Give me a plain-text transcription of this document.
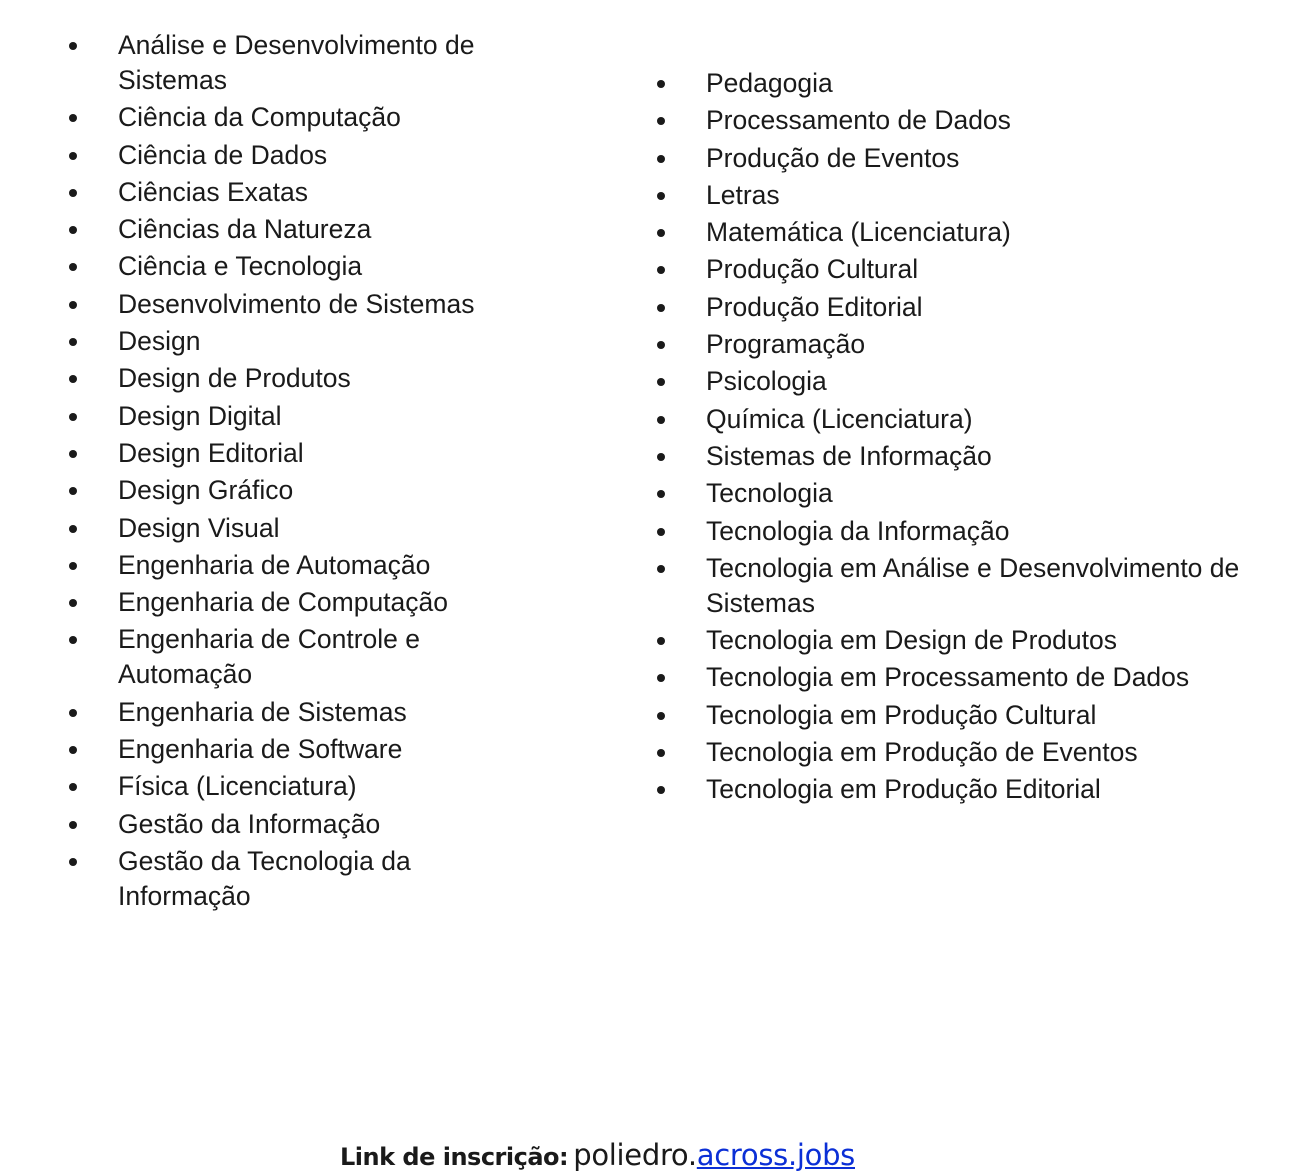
Análise e Desenvolvimento de Sistemas
Ciência da Computação
Ciência de Dados
Ciências Exatas
Ciências da Natureza
Ciência e Tecnologia
Desenvolvimento de Sistemas
Design
Design de Produtos
Design Digital
Design Editorial
Design Gráfico
Design Visual
Engenharia de Automação
Engenharia de Computação
Engenharia de Controle e Automação
Engenharia de Sistemas
Engenharia de Software
Física (Licenciatura)
Gestão da Informação
Gestão da Tecnologia da Informação
Pedagogia
Processamento de Dados
Produção de Eventos
Letras
Matemática (Licenciatura)
Produção Cultural
Produção Editorial
Programação
Psicologia
Química (Licenciatura)
Sistemas de Informação
Tecnologia
Tecnologia da Informação
Tecnologia em Análise e Desenvolvimento de Sistemas
Tecnologia em Design de Produtos
Tecnologia em Processamento de Dados
Tecnologia em Produção Cultural
Tecnologia em Produção de Eventos
Tecnologia em Produção Editorial
Link de inscrição: poliedro.across.jobs
